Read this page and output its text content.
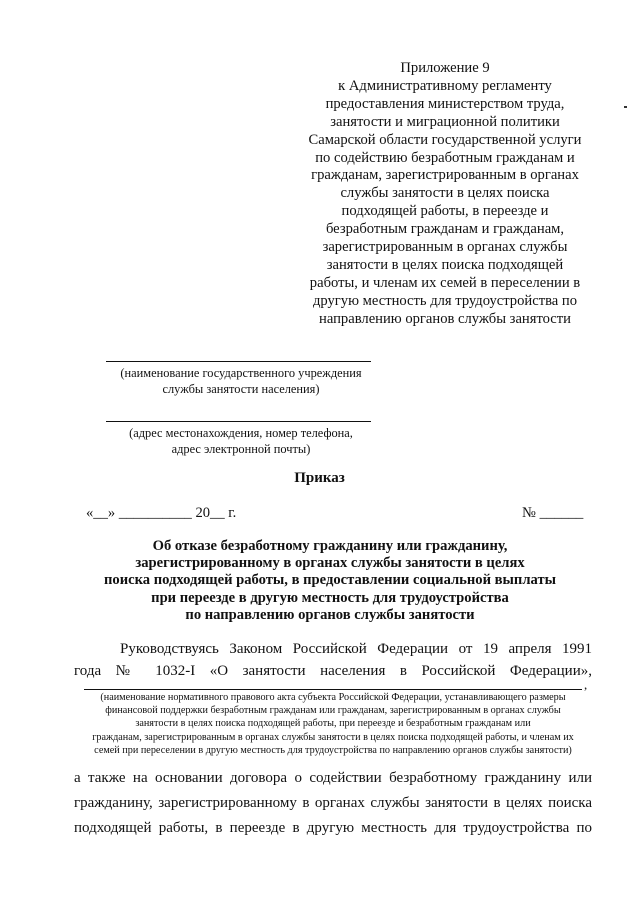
Приложение 9
к Административному регламенту
предоставления министерством труда,
занятости и миграционной политики
Самарской области государственной услуги
по содействию безработным гражданам и
гражданам, зарегистрированным в органах
службы занятости в целях поиска
подходящей работы, в переезде и
безработным гражданам и гражданам,
зарегистрированным в органах службы
занятости в целях поиска подходящей
работы, и членам их семей в переселении в
другую местность для трудоустройства по
направлению органов службы занятости
(наименование государственного учреждения
службы занятости населения)
(адрес местонахождения, номер телефона,
адрес электронной почты)
Приказ
«__» __________ 20__ г.	№ ______
Об отказе безработному гражданину или гражданину,
зарегистрированному в органах службы занятости в целях
поиска подходящей работы, в предоставлении социальной выплаты
при переезде в другую местность для трудоустройства
по направлению органов службы занятости
Руководствуясь Законом Российской Федерации от 19 апреля 1991
года № 1032-I «О занятости населения в Российской Федерации»,
,
(наименование нормативного правового акта субъекта Российской Федерации, устанавливающего размеры
финансовой поддержки безработным гражданам или гражданам, зарегистрированным в органах службы
занятости в целях поиска подходящей работы, при переезде и безработным гражданам или
гражданам, зарегистрированным в органах службы занятости в целях поиска подходящей работы, и членам их
семей при переселении в другую местность для трудоустройства по направлению органов службы занятости)
а также на основании договора о содействии безработному гражданину или
гражданину, зарегистрированному в органах службы занятости в целях поиска
подходящей работы, в переезде в другую местность для трудоустройства по
